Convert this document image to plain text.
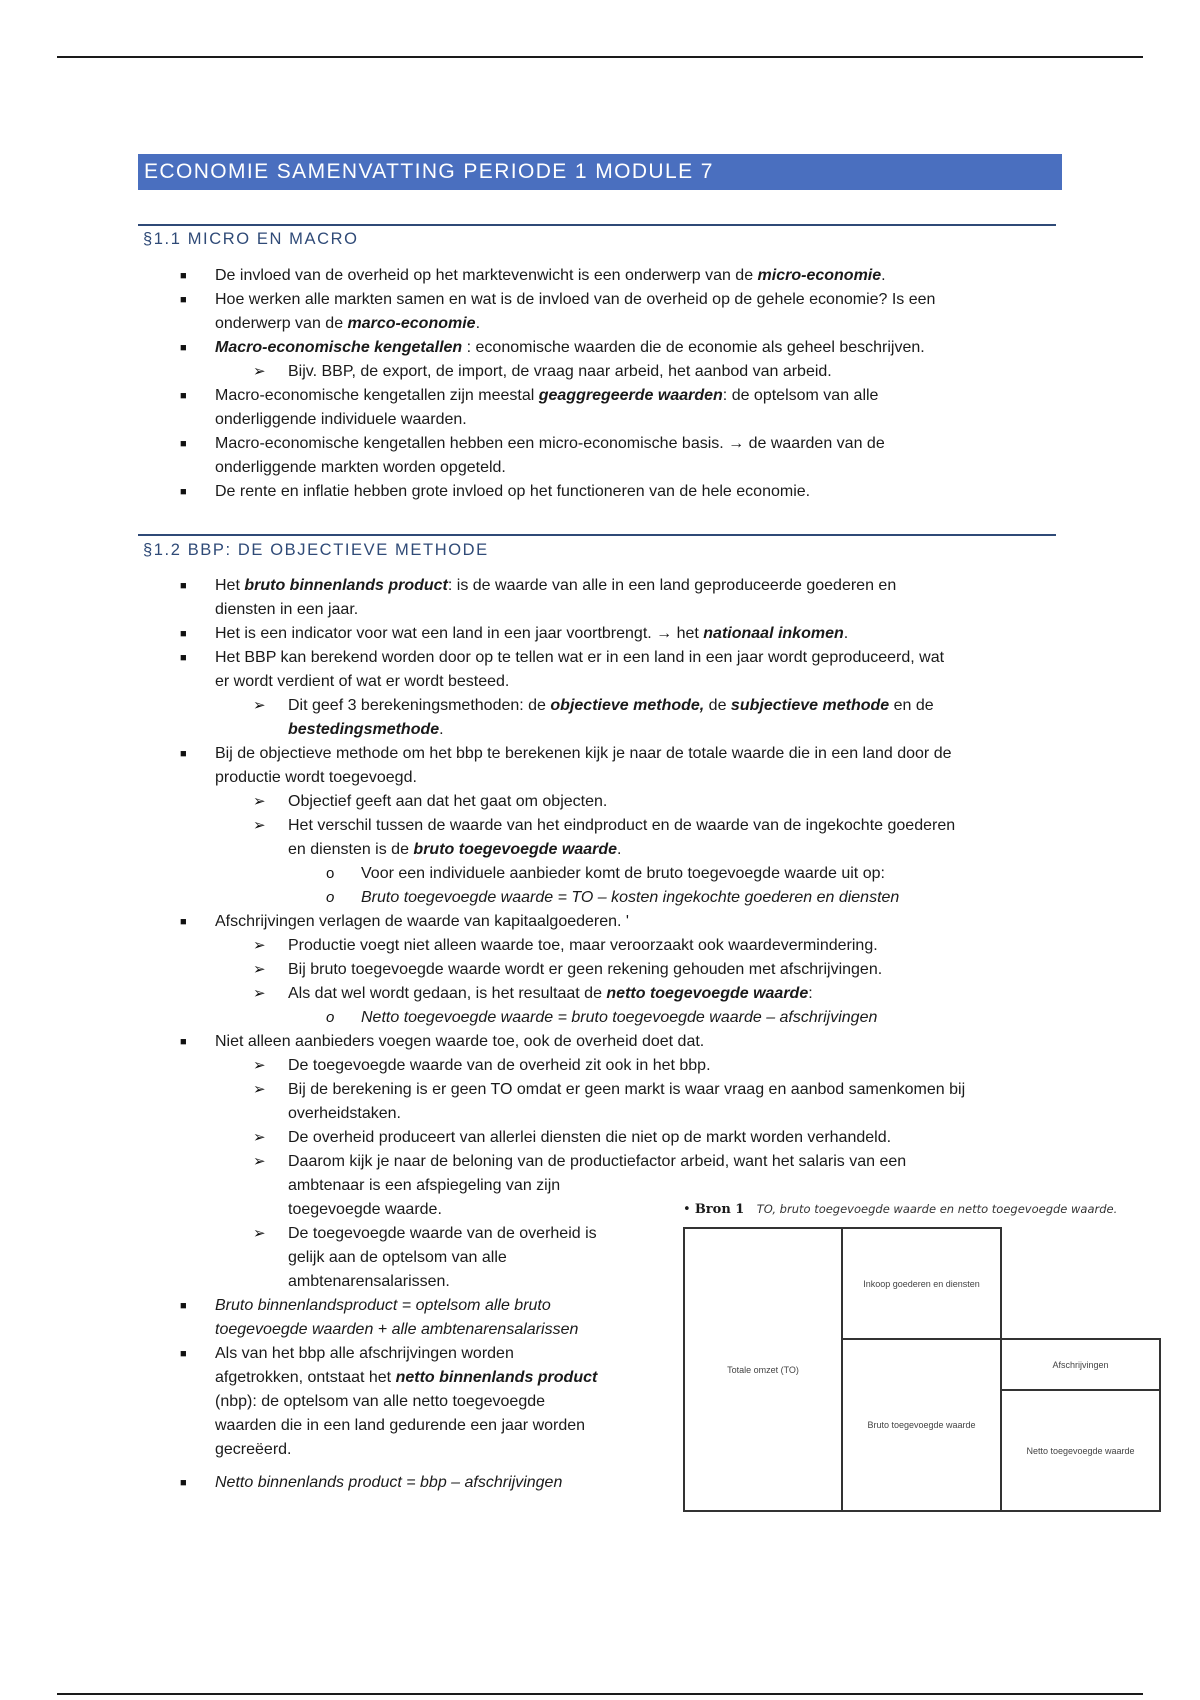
ECONOMIE SAMENVATTING PERIODE 1 MODULE 7
§1.1 MICRO EN MACRO
■ De invloed van de overheid op het marktevenwicht is een onderwerp van de micro-economie.
■ Hoe werken alle markten samen en wat is de invloed van de overheid op de gehele economie? Is een
onderwerp van de marco-economie.
■ Macro-economische kengetallen : economische waarden die de economie als geheel beschrijven.
➢ Bijv. BBP, de export, de import, de vraag naar arbeid, het aanbod van arbeid.
■ Macro-economische kengetallen zijn meestal geaggregeerde waarden: de optelsom van alle
onderliggende individuele waarden.
■ Macro-economische kengetallen hebben een micro-economische basis. → de waarden van de
onderliggende markten worden opgeteld.
■ De rente en inflatie hebben grote invloed op het functioneren van de hele economie.
§1.2 BBP: DE OBJECTIEVE METHODE
■ Het bruto binnenlands product: is de waarde van alle in een land geproduceerde goederen en
diensten in een jaar.
■ Het is een indicator voor wat een land in een jaar voortbrengt. → het nationaal inkomen.
■ Het BBP kan berekend worden door op te tellen wat er in een land in een jaar wordt geproduceerd, wat
er wordt verdient of wat er wordt besteed.
➢ Dit geef 3 berekeningsmethoden: de objectieve methode, de subjectieve methode en de
bestedingsmethode.
■ Bij de objectieve methode om het bbp te berekenen kijk je naar de totale waarde die in een land door de
productie wordt toegevoegd.
➢ Objectief geeft aan dat het gaat om objecten.
➢ Het verschil tussen de waarde van het eindproduct en de waarde van de ingekochte goederen
en diensten is de bruto toegevoegde waarde.
o Voor een individuele aanbieder komt de bruto toegevoegde waarde uit op:
o Bruto toegevoegde waarde = TO – kosten ingekochte goederen en diensten
■ Afschrijvingen verlagen de waarde van kapitaalgoederen. '
➢ Productie voegt niet alleen waarde toe, maar veroorzaakt ook waardevermindering.
➢ Bij bruto toegevoegde waarde wordt er geen rekening gehouden met afschrijvingen.
➢ Als dat wel wordt gedaan, is het resultaat de netto toegevoegde waarde:
o Netto toegevoegde waarde = bruto toegevoegde waarde – afschrijvingen
■ Niet alleen aanbieders voegen waarde toe, ook de overheid doet dat.
➢ De toegevoegde waarde van de overheid zit ook in het bbp.
➢ Bij de berekening is er geen TO omdat er geen markt is waar vraag en aanbod samenkomen bij
overheidstaken.
➢ De overheid produceert van allerlei diensten die niet op de markt worden verhandeld.
➢ Daarom kijk je naar de beloning van de productiefactor arbeid, want het salaris van een
ambtenaar is een afspiegeling van zijn
toegevoegde waarde.
➢ De toegevoegde waarde van de overheid is
gelijk aan de optelsom van alle
ambtenarensalarissen.
■ Bruto binnenlandsproduct = optelsom alle bruto
toegevoegde waarden + alle ambtenarensalarissen
■ Als van het bbp alle afschrijvingen worden
afgetrokken, ontstaat het netto binnenlands product
(nbp): de optelsom van alle netto toegevoegde
waarden die in een land gedurende een jaar worden
gecreëerd.
■ Netto binnenlands product = bbp – afschrijvingen
• Bron 1 TO, bruto toegevoegde waarde en netto toegevoegde waarde.
Totale omzet (TO)
Inkoop goederen en diensten
Bruto toegevoegde waarde
Afschrijvingen
Netto toegevoegde waarde
